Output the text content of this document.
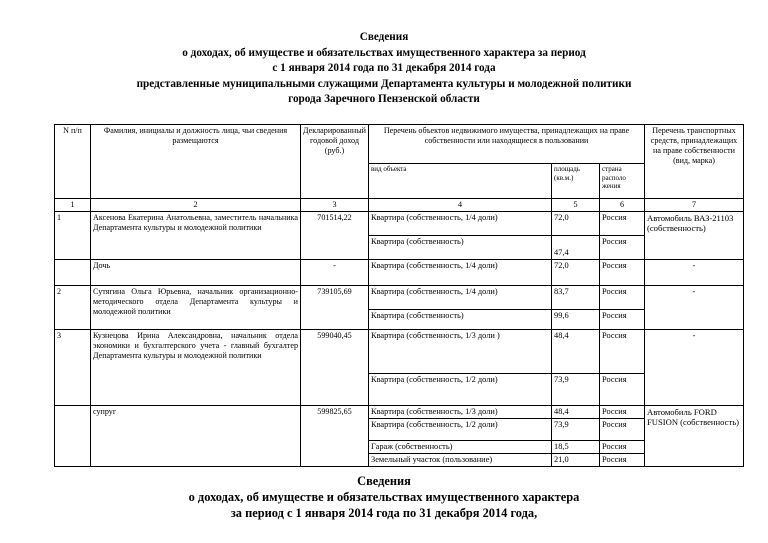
Сведения
о доходах, об имуществе и обязательствах имущественного характера за период
с 1 января 2014 года по 31 декабря 2014 года
представленные муниципальными служащими Департамента культуры и молодежной политики
города Заречного Пензенской области
N п/п	Фамилия, инициалы и должность лица, чьи сведения размещаются	Декларированный годовой доход (руб.)	Перечень объектов недвижимого имущества, принадлежащих на праве собственности или находящиеся в пользовании			Перечень транспортных средств, принадлежащих на праве собственности (вид, марка)
			вид объекта	площадь (кв.м.)	страна располо жения	
1	2	3	4	5	6	7
1	Аксенова Екатерина Анатольевна, заместитель начальника Департамента культуры и молодежной политики	701514,22	Квартира (собственность, 1/4 доли)	72,0	Россия	Автомобиль ВАЗ-21103 (собственность)
			Квартира (собственность)	47,4	Россия	
	Дочь	-	Квартира (собственность, 1/4 доли)	72,0	Россия	-
2	Сутягина Ольга Юрьевна, начальник организационно-методического отдела Департамента культуры и молодежной политики	739105,69	Квартира (собственность, 1/4 доли)	83,7	Россия	-
			Квартира (собственность)	99,6	Россия	
3	Кузнецова Ирина Александровна, начальник отдела экономики и бухгалтерского учета - главный бухгалтер Департамента культуры и молодежной политики	599040,45	Квартира (собственность, 1/3 доли )	48,4	Россия	-
			Квартира (собственность, 1/2 доли)	73,9	Россия	
	супруг	599825,65	Квартира (собственность, 1/3 доли)	48,4	Россия	Автомобиль FORD FUSION (собственность)
			Квартира (собственность, 1/2 доли)	73,9	Россия	
			Гараж (собственность)	18,5	Россия	
			Земельный участок (пользование)	21,0	Россия	
Сведения
о доходах, об имуществе и обязательствах имущественного характера
за период с 1 января 2014 года по 31 декабря 2014 года,
